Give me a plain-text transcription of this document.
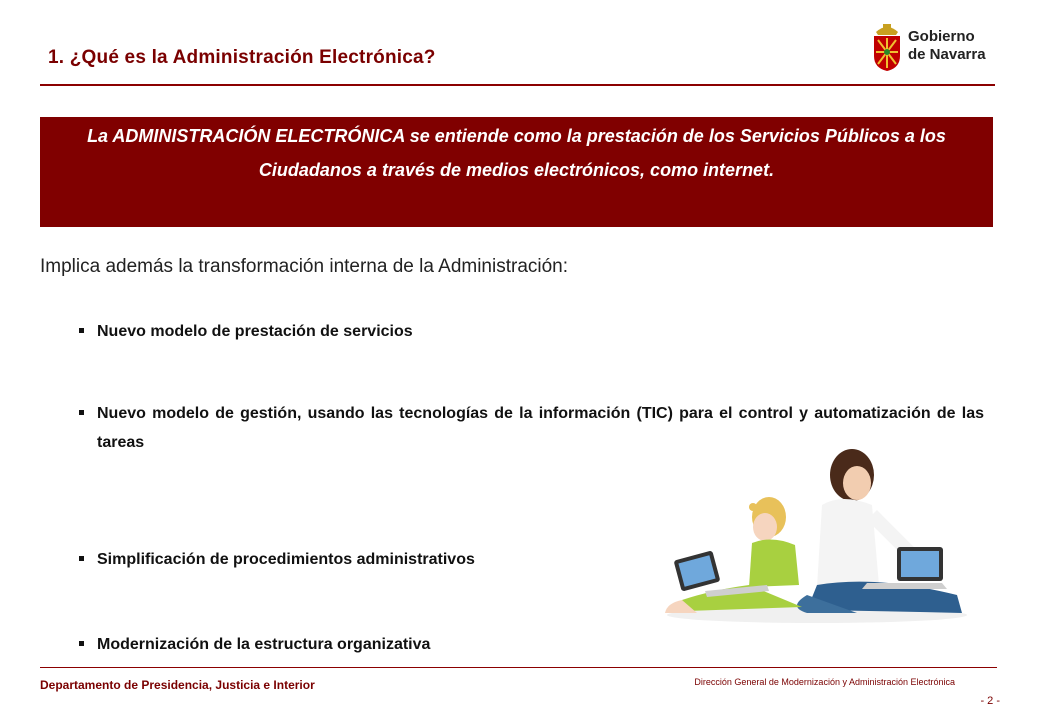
1. ¿Qué es la Administración Electrónica?
Gobierno
de Navarra
La ADMINISTRACIÓN ELECTRÓNICA se entiende como la prestación de los Servicios Públicos a los Ciudadanos a través de medios electrónicos, como internet.
Implica además la transformación interna de la Administración:
Nuevo modelo de prestación de servicios
Nuevo modelo de gestión, usando las tecnologías de la información (TIC) para el control y automatización de las tareas
Simplificación de procedimientos administrativos
Modernización de la estructura organizativa
Departamento de Presidencia, Justicia e Interior	Dirección General de Modernización y Administración Electrónica
- 2 -
